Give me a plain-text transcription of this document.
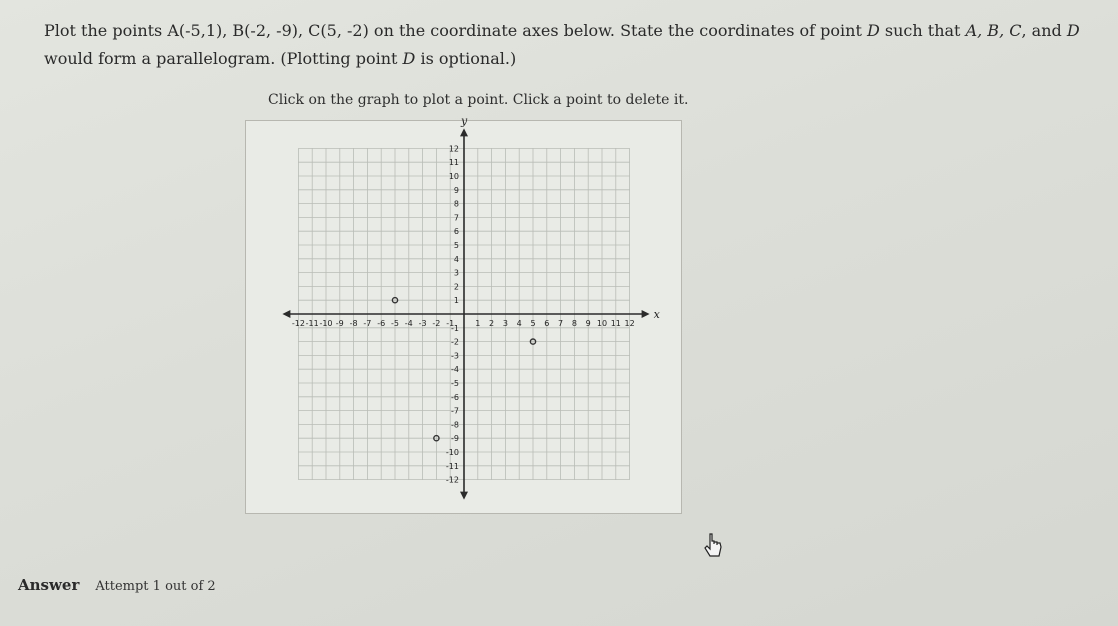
Plot the points A(-5,1), B(-2, -9), C(5, -2) on the coordinate axes below. State the coordinates of point D such that A, B, C, and D would form a parallelogram. (Plotting point D is optional.)
Click on the graph to plot a point. Click a point to delete it.
x
y
-12 -11 -10 -9 -8 -7 -6 -5 -4 -3 -2 -1	1 2 3 4 5 6 7 8 9 10 11 12
12
11
10
9
8
7
6
5
4
3
2
1
-1
-2
-3
-4
-5
-6
-7
-8
-9
-10
-11
-12
Answer Attempt 1 out of 2
